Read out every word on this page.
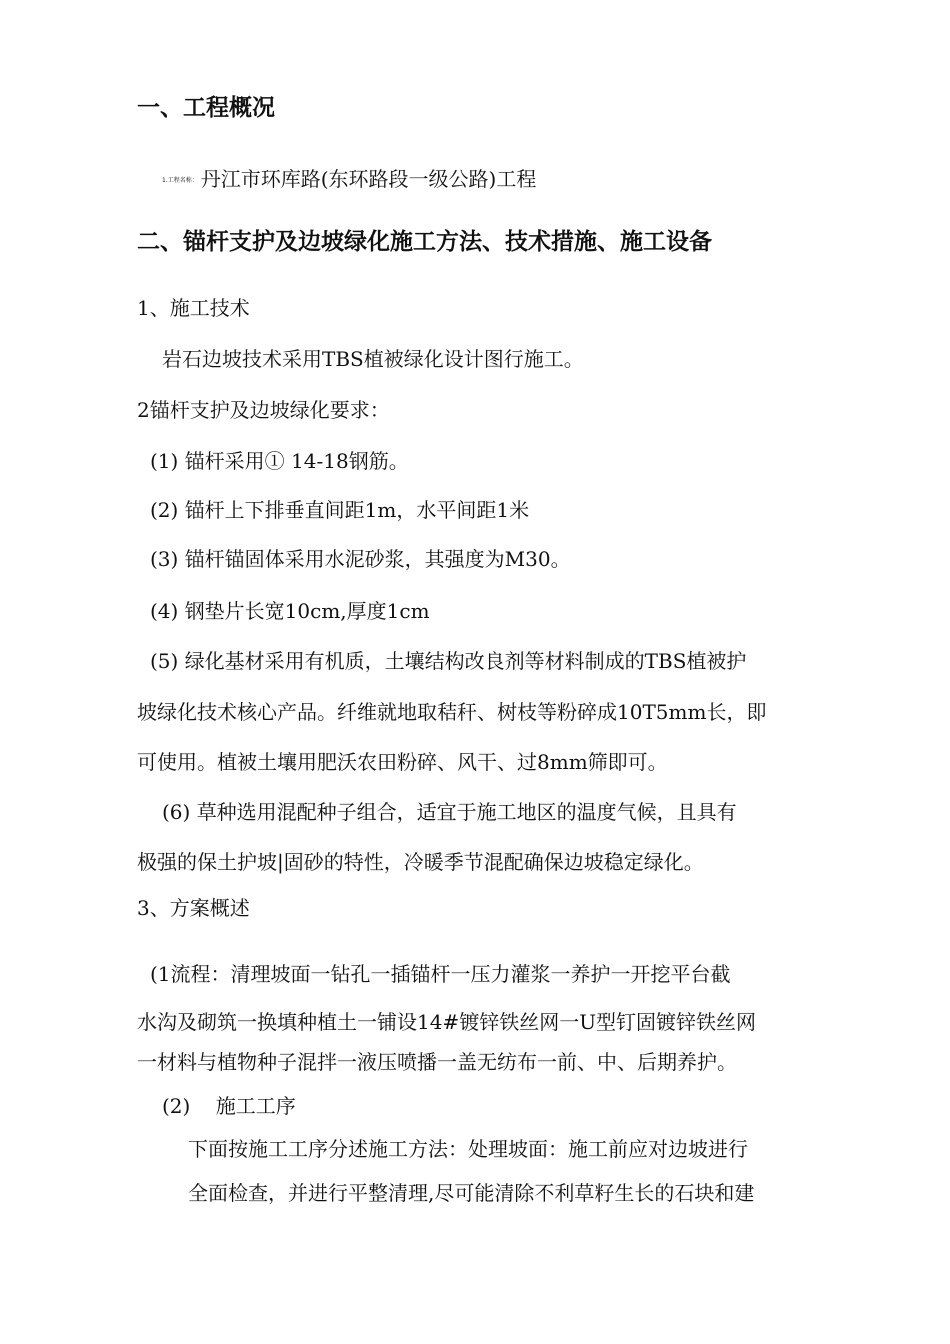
一、工程概况
1.工程名称： 丹江市环库路(东环路段一级公路)工程
二、锚杆支护及边坡绿化施工方法、技术措施、施工设备
1、施工技术
岩石边坡技术采用TBS植被绿化设计图行施工。
2锚杆支护及边坡绿化要求：
(1) 锚杆采用① 14-18钢筋。
(2) 锚杆上下排垂直间距1m，水平间距1米
(3) 锚杆锚固体采用水泥砂浆，其强度为M30。
(4) 钢垫片长宽10cm,厚度1cm
(5) 绿化基材采用有机质，土壤结构改良剂等材料制成的TBS植被护
坡绿化技术核心产品。纤维就地取秸秆、树枝等粉碎成10T5mm长，即
可使用。植被土壤用肥沃农田粉碎、风干、过8mm筛即可。
(6) 草种选用混配种子组合，适宜于施工地区的温度气候，且具有
极强的保土护坡|固砂的特性，冷暖季节混配确保边坡稳定绿化。
3、方案概述
(1流程：清理坡面一钻孔一插锚杆一压力灌浆一养护一开挖平台截
水沟及砌筑一换填种植土一铺设14#镀锌铁丝网一U型钉固镀锌铁丝网
一材料与植物种子混拌一液压喷播一盖无纺布一前、中、后期养护。
(2)    施工工序
下面按施工工序分述施工方法：处理坡面：施工前应对边坡进行
全面检查，并进行平整清理,尽可能清除不利草籽生长的石块和建
